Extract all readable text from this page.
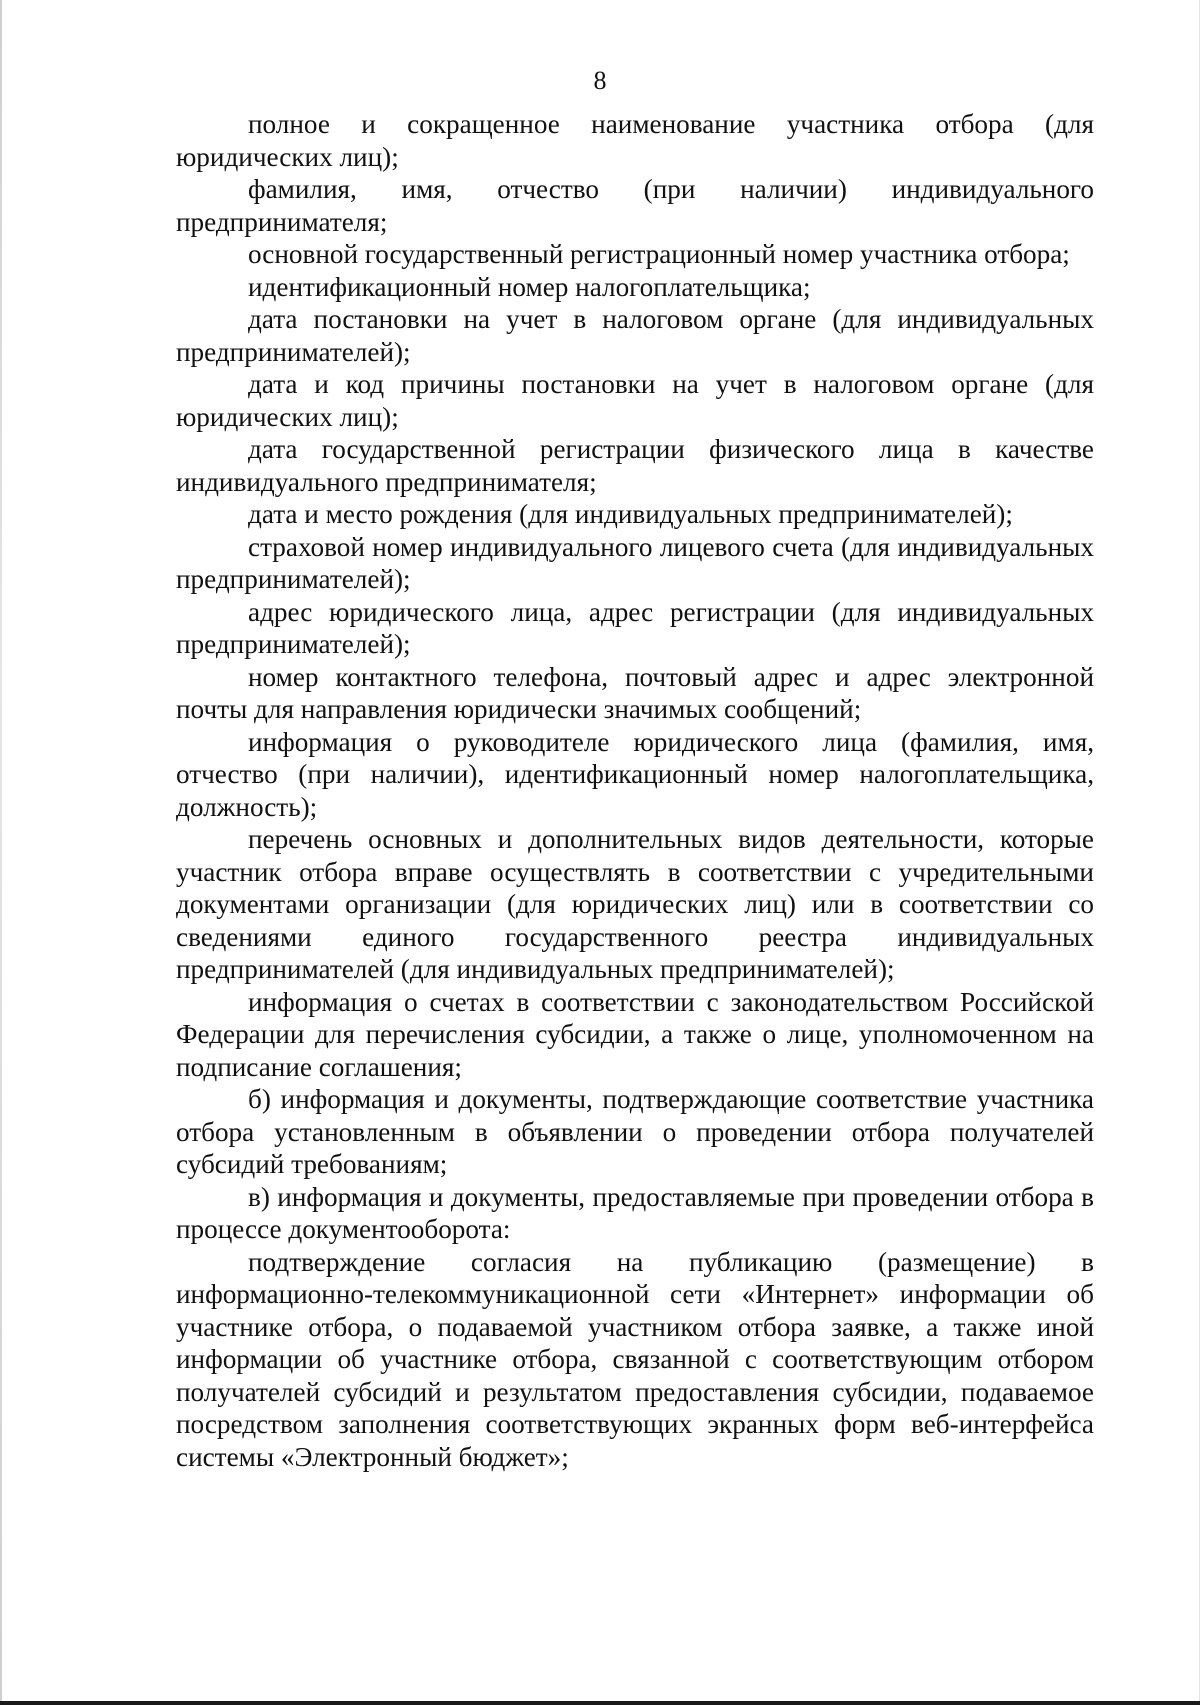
8

полное и сокращенное наименование участника отбора (для юридических лиц);

фамилия, имя, отчество (при наличии) индивидуального предпринимателя;

основной государственный регистрационный номер участника отбора;

идентификационный номер налогоплательщика;

дата постановки на учет в налоговом органе (для индивидуальных предпринимателей);

дата и код причины постановки на учет в налоговом органе (для юридических лиц);

дата государственной регистрации физического лица в качестве индивидуального предпринимателя;

дата и место рождения (для индивидуальных предпринимателей);

страховой номер индивидуального лицевого счета (для индивидуальных предпринимателей);

адрес юридического лица, адрес регистрации (для индивидуальных предпринимателей);

номер контактного телефона, почтовый адрес и адрес электронной почты для направления юридически значимых сообщений;

информация о руководителе юридического лица (фамилия, имя, отчество (при наличии), идентификационный номер налогоплательщика, должность);

перечень основных и дополнительных видов деятельности, которые участник отбора вправе осуществлять в соответствии с учредительными документами организации (для юридических лиц) или в соответствии со сведениями единого государственного реестра индивидуальных предпринимателей (для индивидуальных предпринимателей);

информация о счетах в соответствии с законодательством Российской Федерации для перечисления субсидии, а также о лице, уполномоченном на подписание соглашения;

б) информация и документы, подтверждающие соответствие участника отбора установленным в объявлении о проведении отбора получателей субсидий требованиям;

в) информация и документы, предоставляемые при проведении отбора в процессе документооборота:

подтверждение согласия на публикацию (размещение) в информационно-телекоммуникационной сети «Интернет» информации об участнике отбора, о подаваемой участником отбора заявке, а также иной информации об участнике отбора, связанной с соответствующим отбором получателей субсидий и результатом предоставления субсидии, подаваемое посредством заполнения соответствующих экранных форм веб-интерфейса системы «Электронный бюджет»;
